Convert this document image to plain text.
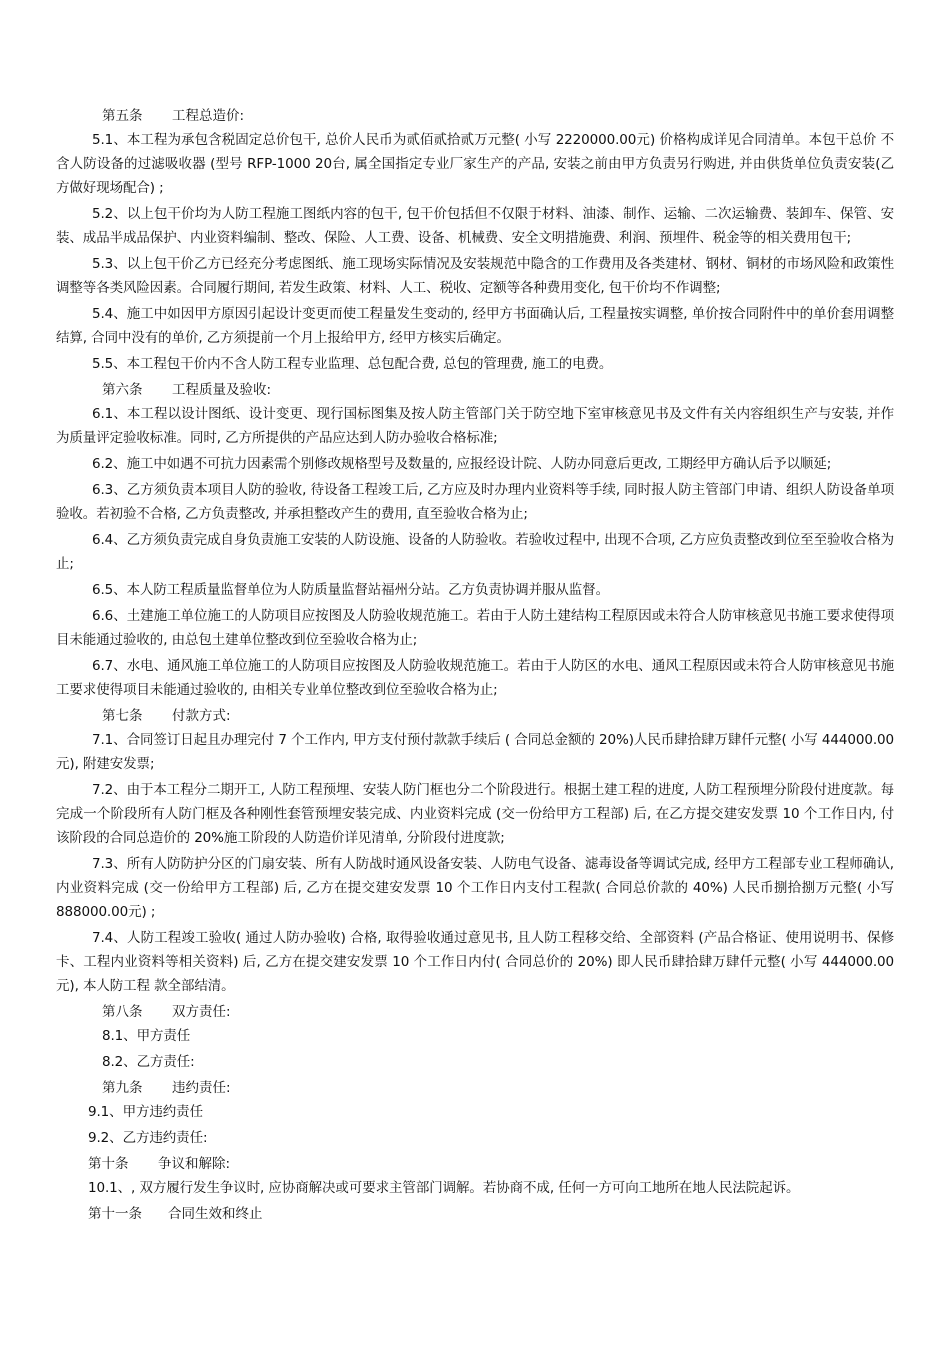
第五条	工程总造价:

5.1、本工程为承包含税固定总价包干, 总价人民币为贰佰贰拾贰万元整( 小写 2220000.00元) 价格构成详见合同清单。本包干总价 不含人防设备的过滤吸收器 (型号 RFP-1000 20台, 属全国指定专业厂家生产的产品, 安装之前由甲方负责另行购进, 并由供货单位负责安装(乙方做好现场配合) ;

5.2、以上包干价均为人防工程施工图纸内容的包干, 包干价包括但不仅限于材料、油漆、制作、运输、二次运输费、装卸车、保管、安装、成品半成品保护、内业资料编制、整改、保险、人工费、设备、机械费、安全文明措施费、利润、预埋件、税金等的相关费用包干;

5.3、以上包干价乙方已经充分考虑图纸、施工现场实际情况及安装规范中隐含的工作费用及各类建材、钢材、铜材的市场风险和政策性调整等各类风险因素。合同履行期间, 若发生政策、材料、人工、税收、定额等各种费用变化, 包干价均不作调整;

5.4、施工中如因甲方原因引起设计变更而使工程量发生变动的, 经甲方书面确认后, 工程量按实调整, 单价按合同附件中的单价套用调整结算, 合同中没有的单价, 乙方须提前一个月上报给甲方, 经甲方核实后确定。

5.5、本工程包干价内不含人防工程专业监理、总包配合费, 总包的管理费, 施工的电费。

第六条	工程质量及验收:

6.1、本工程以设计图纸、设计变更、现行国标图集及按人防主管部门关于防空地下室审核意见书及文件有关内容组织生产与安装, 并作为质量评定验收标准。同时, 乙方所提供的产品应达到人防办验收合格标准;

6.2、施工中如遇不可抗力因素需个别修改规格型号及数量的, 应报经设计院、人防办同意后更改, 工期经甲方确认后予以顺延;

6.3、乙方须负责本项目人防的验收, 待设备工程竣工后, 乙方应及时办理内业资料等手续, 同时报人防主管部门申请、组织人防设备单项验收。若初验不合格, 乙方负责整改, 并承担整改产生的费用, 直至验收合格为止;

6.4、乙方须负责完成自身负责施工安装的人防设施、设备的人防验收。若验收过程中, 出现不合项, 乙方应负责整改到位至至验收合格为止;

6.5、本人防工程质量监督单位为人防质量监督站福州分站。乙方负责协调并服从监督。

6.6、土建施工单位施工的人防项目应按图及人防验收规范施工。若由于人防土建结构工程原因或未符合人防审核意见书施工要求使得项目未能通过验收的, 由总包土建单位整改到位至验收合格为止;

6.7、水电、通风施工单位施工的人防项目应按图及人防验收规范施工。若由于人防区的水电、通风工程原因或未符合人防审核意见书施工要求使得项目未能通过验收的, 由相关专业单位整改到位至验收合格为止;

第七条	付款方式:

7.1、合同签订日起且办理完付 7 个工作内, 甲方支付预付款款手续后 ( 合同总金额的 20%)人民币肆拾肆万肆仟元整( 小写 444000.00元), 附建安发票;

7.2、由于本工程分二期开工, 人防工程预埋、安装人防门框也分二个阶段进行。根据土建工程的进度, 人防工程预埋分阶段付进度款。每完成一个阶段所有人防门框及各种刚性套管预埋安装完成、内业资料完成 (交一份给甲方工程部) 后, 在乙方提交建安发票 10 个工作日内, 付该阶段的合同总造价的 20%施工阶段的人防造价详见清单, 分阶段付进度款;

7.3、所有人防防护分区的门扇安装、所有人防战时通风设备安装、人防电气设备、滤毒设备等调试完成, 经甲方工程部专业工程师确认, 内业资料完成 (交一份给甲方工程部) 后, 乙方在提交建安发票 10 个工作日内支付工程款( 合同总价款的 40%) 人民币捌拾捌万元整( 小写 888000.00元) ;

7.4、人防工程竣工验收( 通过人防办验收) 合格, 取得验收通过意见书, 且人防工程移交给、全部资料 (产品合格证、使用说明书、保修卡、工程内业资料等相关资料) 后, 乙方在提交建安发票 10 个工作日内付( 合同总价的 20%) 即人民币肆拾肆万肆仟元整( 小写 444000.00元), 本人防工程 款全部结清。

第八条	双方责任:

8.1、甲方责任

8.2、乙方责任:

第九条	违约责任:

9.1、甲方违约责任

9.2、乙方违约责任:

第十条	争议和解除:

10.1、, 双方履行发生争议时, 应协商解决或可要求主管部门调解。若协商不成, 任何一方可向工地所在地人民法院起诉。

第十一条	合同生效和终止
